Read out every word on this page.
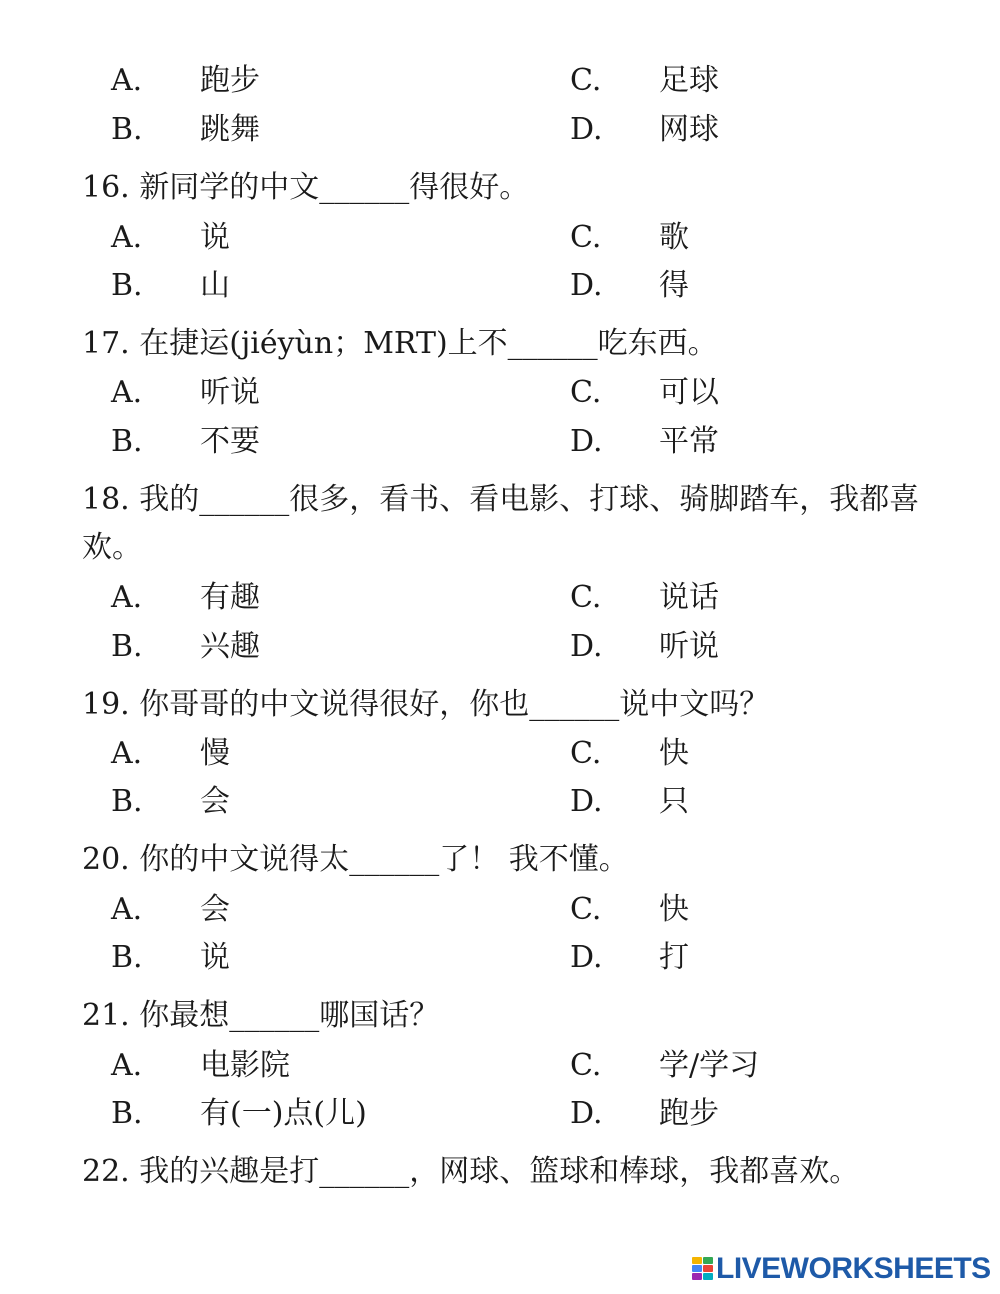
A. 跑步	C. 足球
B. 跳舞	D. 网球
16. 新同学的中文______得很好。
A. 说	C. 歌
B. 山	D. 得
17. 在捷运(jiéyùn；MRT)上不______吃东西。
A. 听说	C. 可以
B. 不要	D. 平常
18. 我的______很多，看书、看电影、打球、骑脚踏车，我都喜欢。
A. 有趣	C. 说话
B. 兴趣	D. 听说
19. 你哥哥的中文说得很好，你也______说中文吗？
A. 慢	C. 快
B. 会	D. 只
20. 你的中文说得太______了！ 我不懂。
A. 会	C. 快
B. 说	D. 打
21. 你最想______哪国话？
A. 电影院	C. 学/学习
B. 有(一)点(儿)	D. 跑步
22. 我的兴趣是打______，网球、篮球和棒球，我都喜欢。
LIVEWORKSHEETS
